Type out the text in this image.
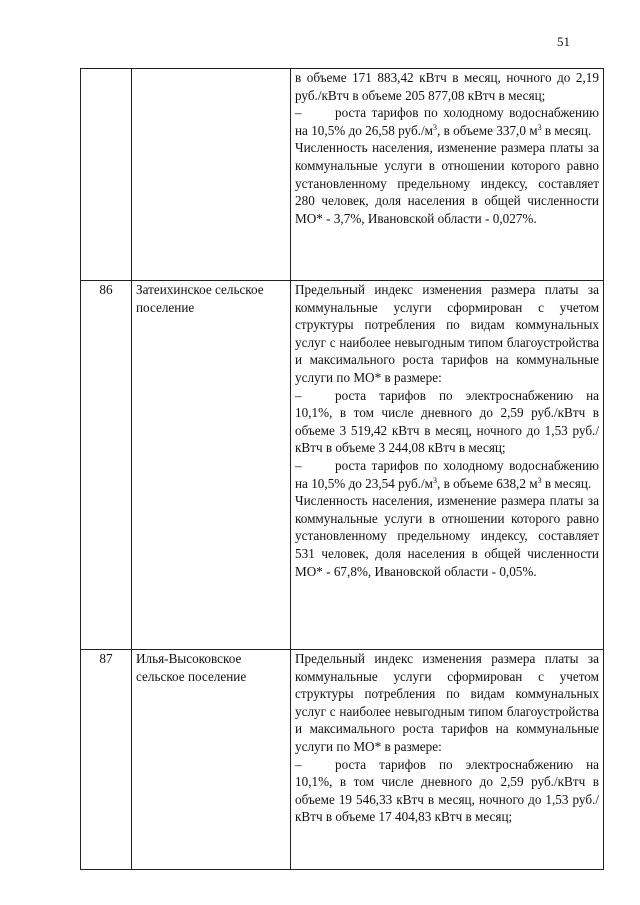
51

		в объеме 171 883,42 кВтч в месяц, ночного до 2,19 руб./кВтч в объеме 205 877,08 кВтч в месяц;

– роста тарифов по холодному водоснабжению на 10,5% до 26,58 $руб./м^3$, в объеме 337,0 $м^3$ в месяц.

Численность населения, изменение размера платы за коммунальные услуги в отношении которого равно установленному предельному индексу, составляет 280 человек, доля населения в общей численности МО* - 3,7%, Ивановской области - 0,027%.

86	Затеихинское сельское поселение	Предельный индекс изменения размера платы за коммунальные услуги сформирован с учетом структуры потребления по видам коммунальных услуг с наиболее невыгодным типом благоустройства и максимального роста тарифов на коммунальные услуги по МО* в размере:

– роста тарифов по электроснабжению на 10,1%, в том числе дневного до 2,59 руб./кВтч в объеме 3 519,42 кВтч в месяц, ночного до 1,53 руб./кВтч в объеме 3 244,08 кВтч в месяц;

– роста тарифов по холодному водоснабжению на 10,5% до 23,54 $руб./м^3$, в объеме 638,2 $м^3$ в месяц.

Численность населения, изменение размера платы за коммунальные услуги в отношении которого равно установленному предельному индексу, составляет 531 человек, доля населения в общей численности МО* - 67,8%, Ивановской области - 0,05%.

87	Илья-Высоковское сельское поселение	Предельный индекс изменения размера платы за коммунальные услуги сформирован с учетом структуры потребления по видам коммунальных услуг с наиболее невыгодным типом благоустройства и максимального роста тарифов на коммунальные услуги по МО* в размере:

– роста тарифов по электроснабжению на 10,1%, в том числе дневного до 2,59 руб./кВтч в объеме 19 546,33 кВтч в месяц, ночного до 1,53 руб./кВтч в объеме 17 404,83 кВтч в месяц;
